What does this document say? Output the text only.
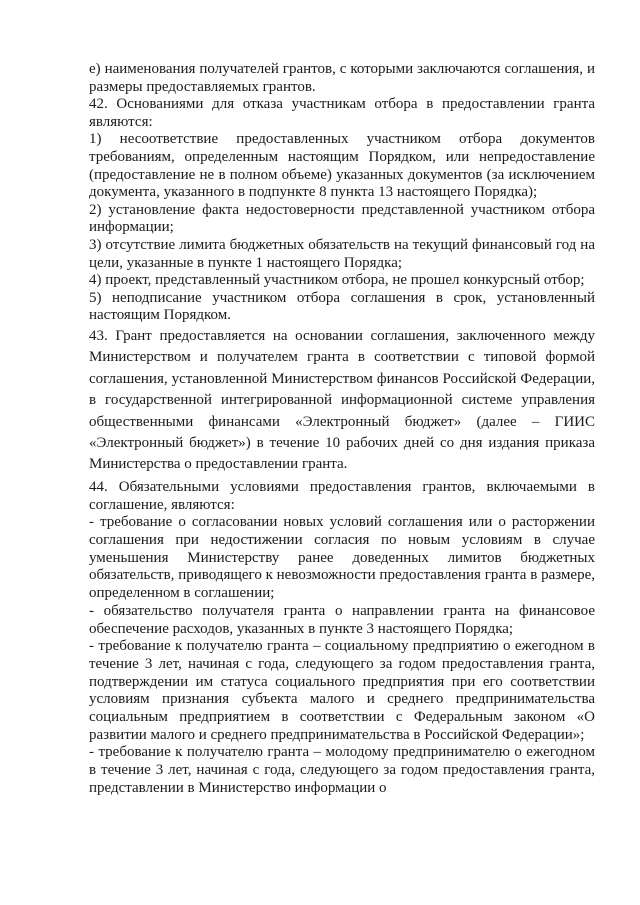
е) наименования получателей грантов, с которыми заключаются соглашения, и размеры предоставляемых грантов.

42. Основаниями для отказа участникам отбора в предоставлении гранта являются:

1) несоответствие предоставленных участником отбора документов требованиям, определенным настоящим Порядком, или непредоставление (предоставление не в полном объеме) указанных документов (за исключением документа, указанного в подпункте 8 пункта 13 настоящего Порядка);

2) установление факта недостоверности представленной участником отбора информации;

3) отсутствие лимита бюджетных обязательств на текущий финансовый год на цели, указанные в пункте 1 настоящего Порядка;

4) проект, представленный участником отбора, не прошел конкурсный отбор;

5) неподписание участником отбора соглашения в срок, установленный настоящим Порядком.

43. Грант предоставляется на основании соглашения, заключенного между Министерством и получателем гранта в соответствии с типовой формой соглашения, установленной Министерством финансов Российской Федерации, в государственной интегрированной информационной системе управления общественными финансами «Электронный бюджет» (далее – ГИИС «Электронный бюджет») в течение 10 рабочих дней со дня издания приказа Министерства о предоставлении гранта.

44. Обязательными условиями предоставления грантов, включаемыми в соглашение, являются:

- требование о согласовании новых условий соглашения или о расторжении соглашения при недостижении согласия по новым условиям в случае уменьшения Министерству ранее доведенных лимитов бюджетных обязательств, приводящего к невозможности предоставления гранта в размере, определенном в соглашении;

- обязательство получателя гранта о направлении гранта на финансовое обеспечение расходов, указанных в пункте 3 настоящего Порядка;

- требование к получателю гранта – социальному предприятию о ежегодном в течение 3 лет, начиная с года, следующего за годом предоставления гранта, подтверждении им статуса социального предприятия при его соответствии условиям признания субъекта малого и среднего предпринимательства социальным предприятием в соответствии с Федеральным законом «О развитии малого и среднего предпринимательства в Российской Федерации»;

- требование к получателю гранта – молодому предпринимателю о ежегодном в течение 3 лет, начиная с года, следующего за годом предоставления гранта, представлении в Министерство информации о
